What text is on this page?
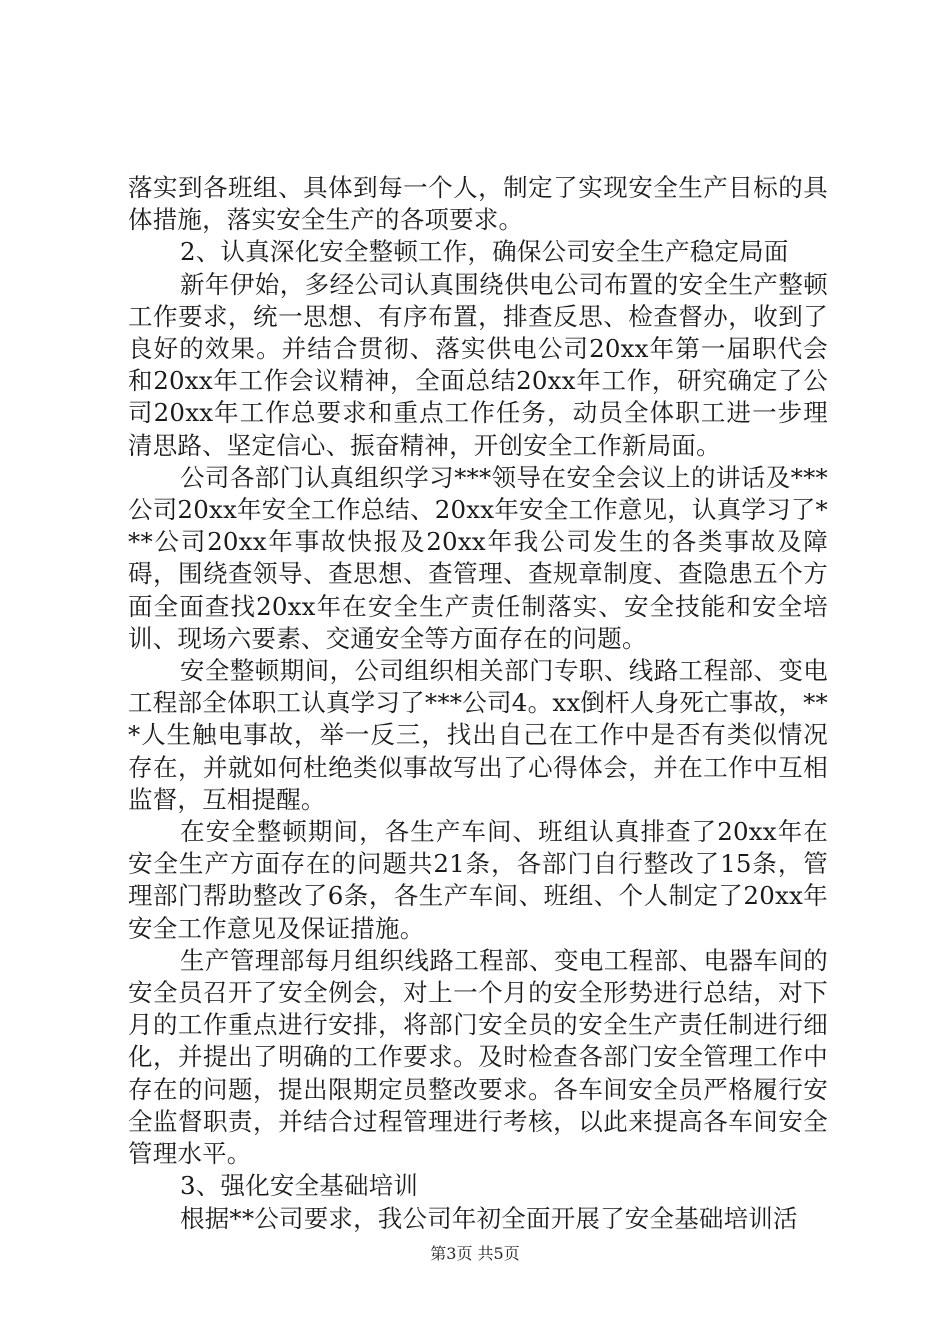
落实到各班组、具体到每一个人，制定了实现安全生产目标的具体措施，落实安全生产的各项要求。

2、认真深化安全整顿工作，确保公司安全生产稳定局面

新年伊始，多经公司认真围绕供电公司布置的安全生产整顿工作要求，统一思想、有序布置，排查反思、检查督办，收到了良好的效果。并结合贯彻、落实供电公司20xx年第一届职代会和20xx年工作会议精神，全面总结20xx年工作，研究确定了公司20xx年工作总要求和重点工作任务，动员全体职工进一步理清思路、坚定信心、振奋精神，开创安全工作新局面。

公司各部门认真组织学习***领导在安全会议上的讲话及***公司20xx年安全工作总结、20xx年安全工作意见，认真学习了***公司20xx年事故快报及20xx年我公司发生的各类事故及障碍，围绕查领导、查思想、查管理、查规章制度、查隐患五个方面全面查找20xx年在安全生产责任制落实、安全技能和安全培训、现场六要素、交通安全等方面存在的问题。

安全整顿期间，公司组织相关部门专职、线路工程部、变电工程部全体职工认真学习了***公司4。xx倒杆人身死亡事故，***人生触电事故，举一反三，找出自己在工作中是否有类似情况存在，并就如何杜绝类似事故写出了心得体会，并在工作中互相监督，互相提醒。

在安全整顿期间，各生产车间、班组认真排查了20xx年在安全生产方面存在的问题共21条，各部门自行整改了15条，管理部门帮助整改了6条，各生产车间、班组、个人制定了20xx年安全工作意见及保证措施。

生产管理部每月组织线路工程部、变电工程部、电器车间的安全员召开了安全例会，对上一个月的安全形势进行总结，对下月的工作重点进行安排，将部门安全员的安全生产责任制进行细化，并提出了明确的工作要求。及时检查各部门安全管理工作中存在的问题，提出限期定员整改要求。各车间安全员严格履行安全监督职责，并结合过程管理进行考核，以此来提高各车间安全管理水平。

3、强化安全基础培训

根据**公司要求，我公司年初全面开展了安全基础培训活

第3页 共5页
